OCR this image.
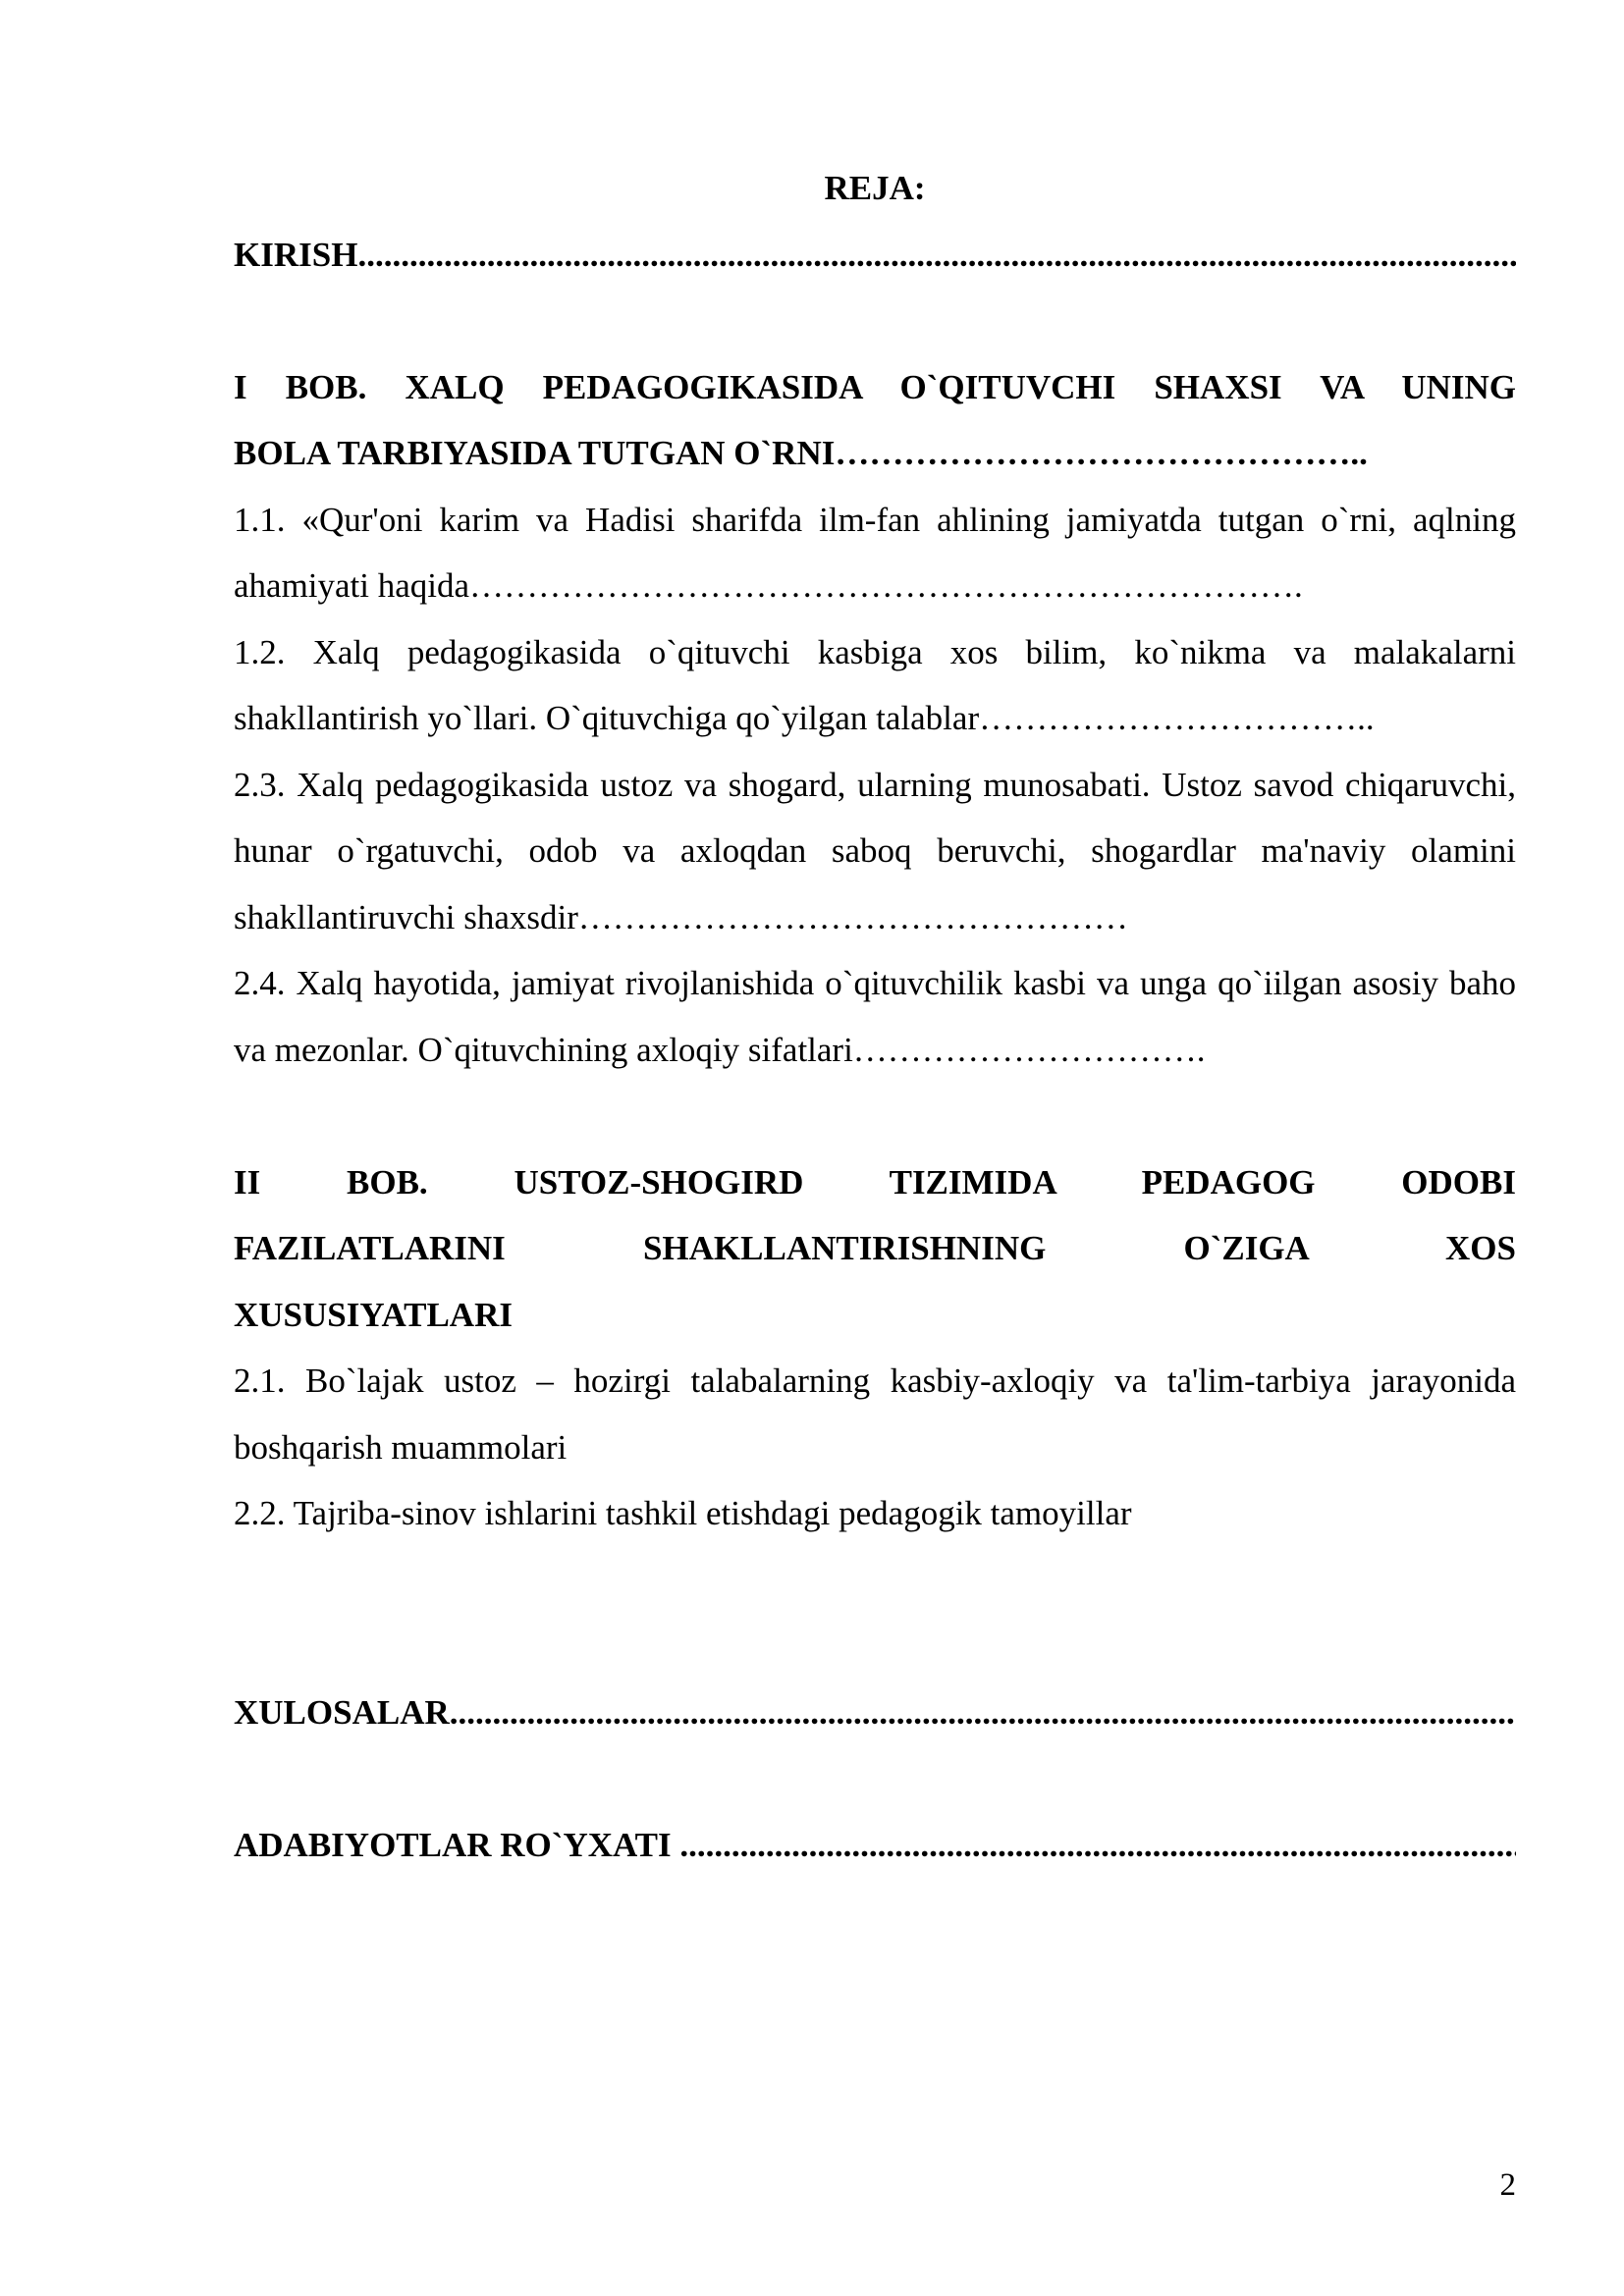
REJA:

KIRISH
.....

I BOB. XALQ PEDAGOGIKASIDA O`QITUVCHI SHAXSI VA UNING

BOLA TARBIYASIDA TUTGAN O`RNI………………………………………..

1.1. «Qur'oni karim va Hadisi sharifda ilm-fan ahlining jamiyatda tutgan o`rni, aqlning ahamiyati haqida……………………………………………………………….

1.2. Xalq pedagogikasida o`qituvchi kasbiga xos bilim, ko`nikma va malakalarni shakllantirish yo`llari. O`qituvchiga qo`yilgan talablar……………………………..

2.3. Xalq pedagogikasida ustoz va shogard, ularning munosabati. Ustoz savod chiqaruvchi, hunar o`rgatuvchi, odob va axloqdan saboq beruvchi, shogardlar ma'naviy olamini shakllantiruvchi shaxsdir…………………………………………

2.4. Xalq hayotida, jamiyat rivojlanishida o`qituvchilik kasbi va unga qo`iilgan asosiy baho va mezonlar. O`qituvchining axloqiy sifatlari………………………….

II BOB. USTOZ-SHOGIRD TIZIMIDA PEDAGOG ODOBI
FAZILATLARINI SHAKLLANTIRISHNING O`ZIGA XOS
XUSUSIYATLARI

2.1. Bo`lajak ustoz – hozirgi talabalarning kasbiy-axloqiy va ta'lim-tarbiya jarayonida boshqarish muammolari

2.2. Tajriba-sinov ishlarini tashkil etishdagi pedagogik tamoyillar

XULOSALAR
.....
ADABIYOTLAR RO`YXATI
.....
2
